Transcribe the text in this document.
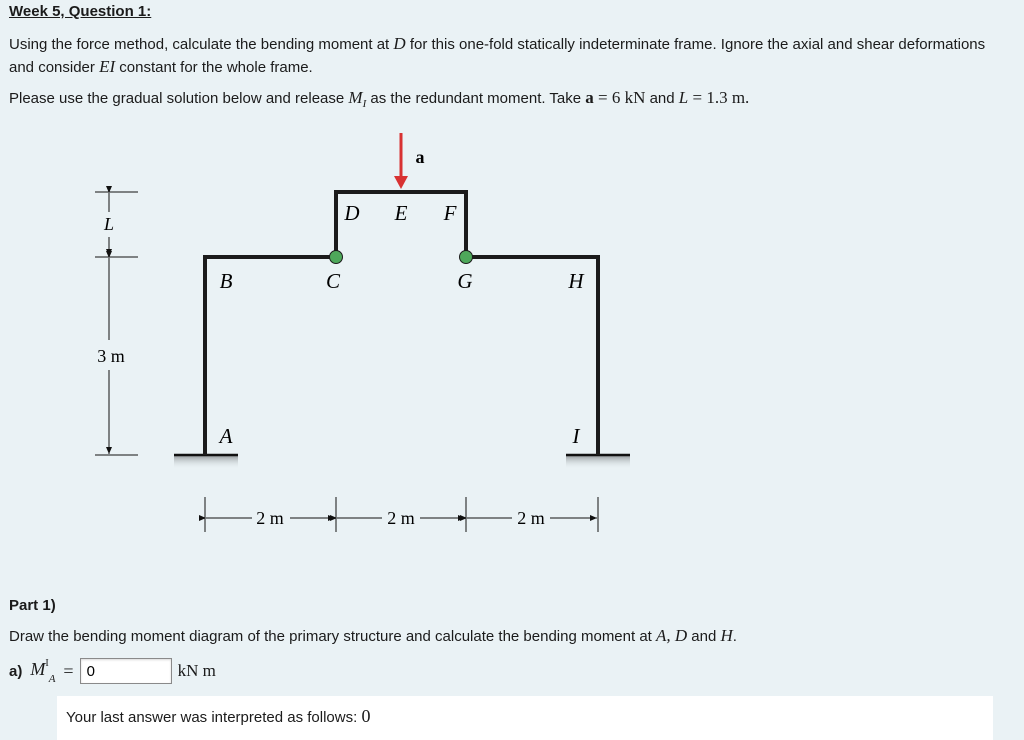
Week 5, Question 1:
Using the force method, calculate the bending moment at D for this one-fold statically indeterminate frame. Ignore the axial and shear deformations and consider EI constant for the whole frame.
Please use the gradual solution below and release $M_I$ as the redundant moment. Take a = 6 kN and L = 1.3 m.
a
D E F
B	C	G	H
A	I
L
3 m
2 m	2 m	2 m
Part 1)
Draw the bending moment diagram of the primary structure and calculate the bending moment at A, D and H.
a) $M^I_A$ =
0	kN m
Your last answer was interpreted as follows: 0
